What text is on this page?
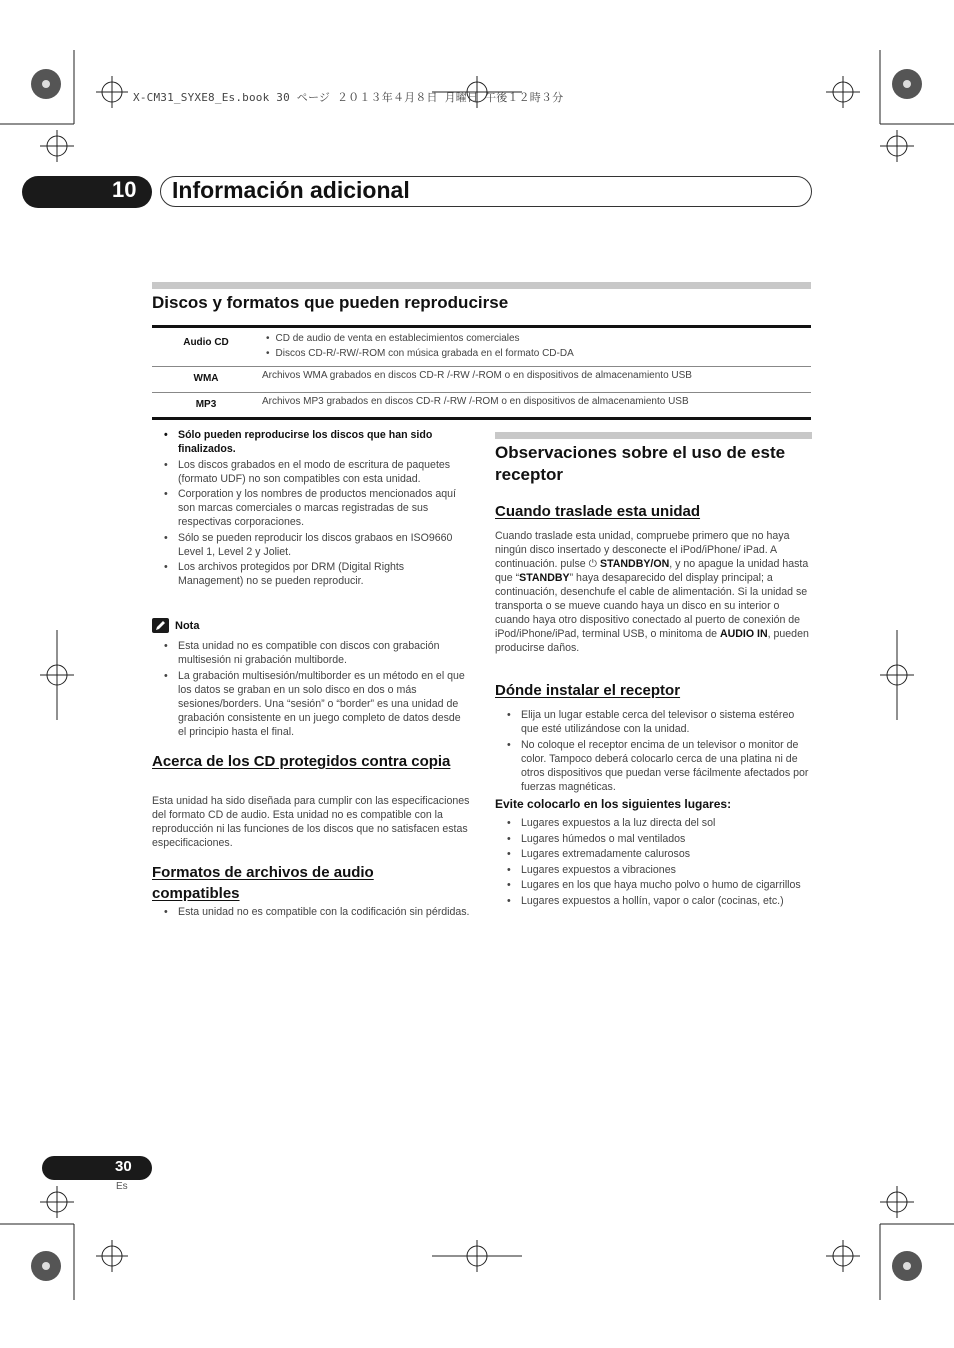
X-CM31_SYXE8_Es.book 30 ページ ２０１３年４月８日 月曜日 午後１２時３分
10 Información adicional
Discos y formatos que pueden reproducirse
Audio CD
•	CD de audio de venta en establecimientos comerciales
• Discos CD-R/-RW/-ROM con música grabada en el formato CD-DA
WMA	Archivos WMA grabados en discos CD-R /-RW /-ROM o en dispositivos de almacenamiento USB
MP3	Archivos MP3 grabados en discos CD-R /-RW /-ROM o en dispositivos de almacenamiento USB
• Sólo pueden reproducirse los discos que han sido finalizados.
• Los discos grabados en el modo de escritura de paquetes (formato UDF) no son compatibles con esta unidad.
• Corporation y los nombres de productos mencionados aquí son marcas comerciales o marcas registradas de sus respectivas corporaciones.
• Sólo se pueden reproducir los discos grabaos en ISO9660 Level 1, Level 2 y Joliet.
• Los archivos protegidos por DRM (Digital Rights Management) no se pueden reproducir.
Nota
• Esta unidad no es compatible con discos con grabación multisesión ni grabación multiborde.
• La grabación multisesión/multiborder es un método en el que los datos se graban en un solo disco en dos o más sesiones/borders. Una “sesión” o “border” es una unidad de grabación consistente en un juego completo de datos desde el principio hasta el final.
Acerca de los CD protegidos contra copia

Esta unidad ha sido diseñada para cumplir con las especificaciones del formato CD de audio. Esta unidad no es compatible con la reproducción ni las funciones de los discos que no satisfacen estas especificaciones.

Formatos de archivos de audio compatibles
• Esta unidad no es compatible con la codificación sin pérdidas.
Observaciones sobre el uso de este receptor
Cuando traslade esta unidad

Cuando traslade esta unidad, compruebe primero que no haya ningún disco insertado y desconecte el iPod/iPhone/ iPad. A continuación. pulse ⏻ STANDBY/ON, y no apague la unidad hasta que “STANDBY” haya desaparecido del display principal; a continuación, desenchufe el cable de alimentación. Si la unidad se transporta o se mueve cuando haya un disco en su interior o cuando haya otro dispositivo conectado al puerto de conexión de iPod/iPhone/iPad, terminal USB, o minitoma de AUDIO IN, pueden producirse daños.

Dónde instalar el receptor
• Elija un lugar estable cerca del televisor o sistema estéreo que esté utilizándose con la unidad.
• No coloque el receptor encima de un televisor o monitor de color. Tampoco deberá colocarlo cerca de una platina ni de otros dispositivos que puedan verse fácilmente afectados por fuerzas magnéticas.
Evite colocarlo en los siguientes lugares:
• Lugares expuestos a la luz directa del sol
• Lugares húmedos o mal ventilados
• Lugares extremadamente calurosos
• Lugares expuestos a vibraciones
• Lugares en los que haya mucho polvo o humo de cigarrillos
• Lugares expuestos a hollín, vapor o calor (cocinas, etc.)
30
Es
